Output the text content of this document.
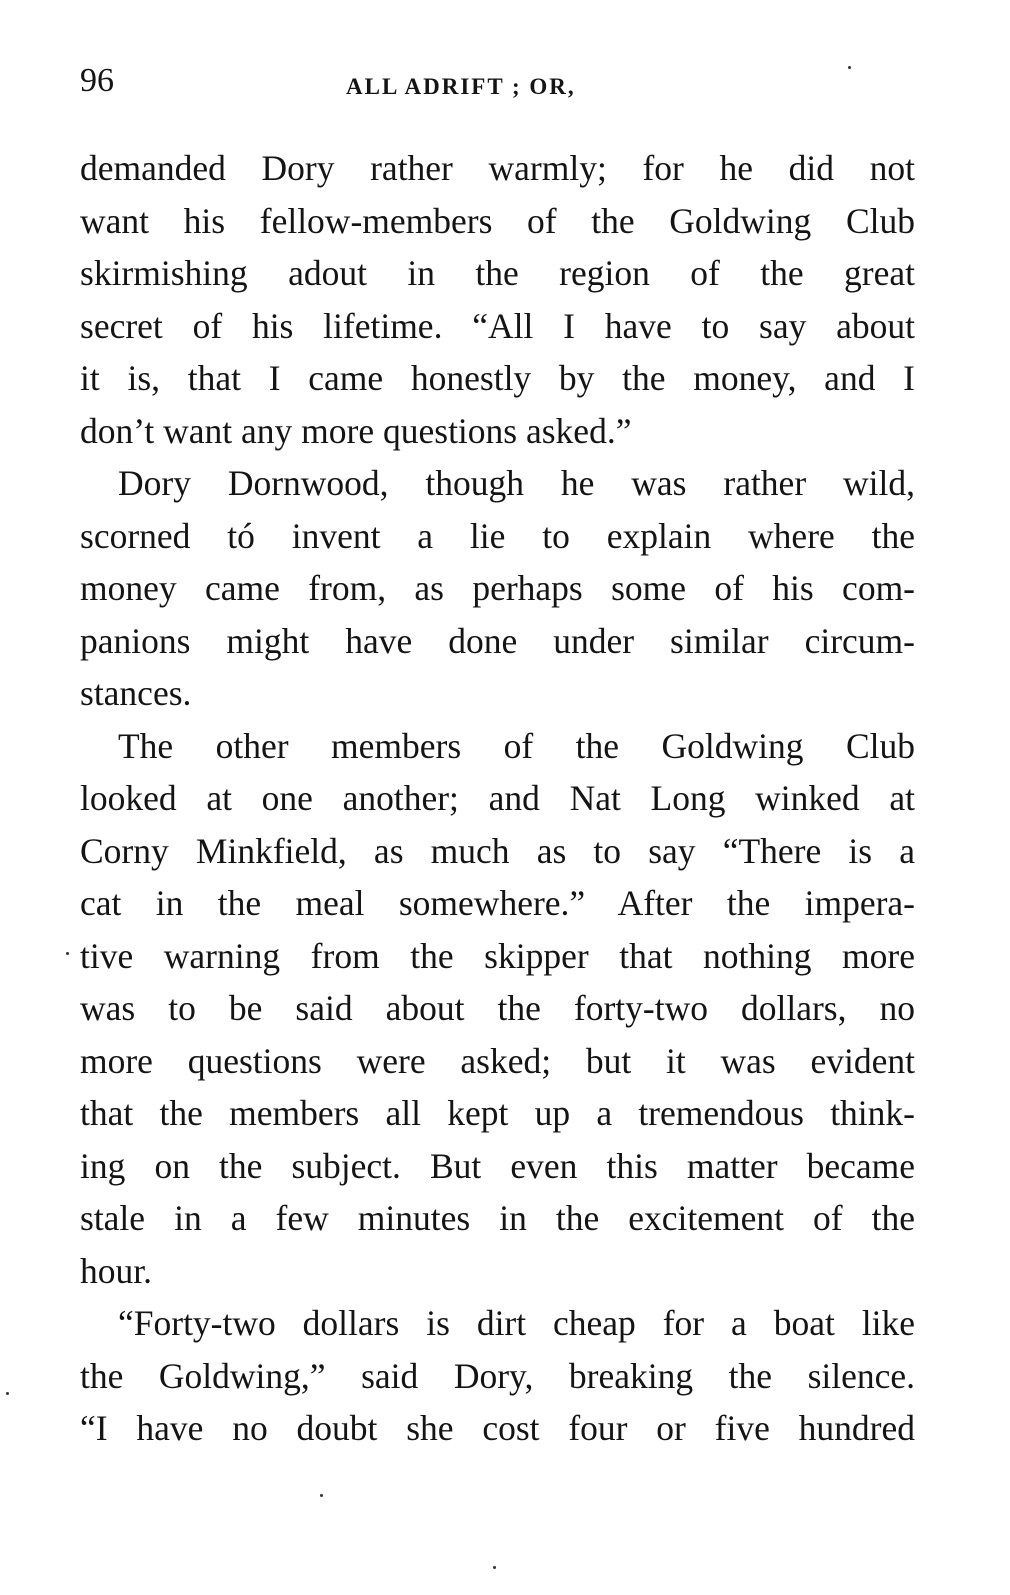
96	ALL ADRIFT ; OR,
demanded Dory rather warmly; for he did not
want his fellow-members of the Goldwing Club
skirmishing adout in the region of the great
secret of his lifetime. “All I have to say about
it is, that I came honestly by the money, and I
don’t want any more questions asked.”
Dory Dornwood, though he was rather wild,
scorned tó invent a lie to explain where the
money came from, as perhaps some of his com-
panions might have done under similar circum-
stances.
The other members of the Goldwing Club
looked at one another; and Nat Long winked at
Corny Minkfield, as much as to say “There is a
cat in the meal somewhere.” After the impera-
tive warning from the skipper that nothing more
was to be said about the forty-two dollars, no
more questions were asked; but it was evident
that the members all kept up a tremendous think-
ing on the subject. But even this matter became
stale in a few minutes in the excitement of the
hour.
“Forty-two dollars is dirt cheap for a boat like
the Goldwing,” said Dory, breaking the silence.
“I have no doubt she cost four or five hundred
